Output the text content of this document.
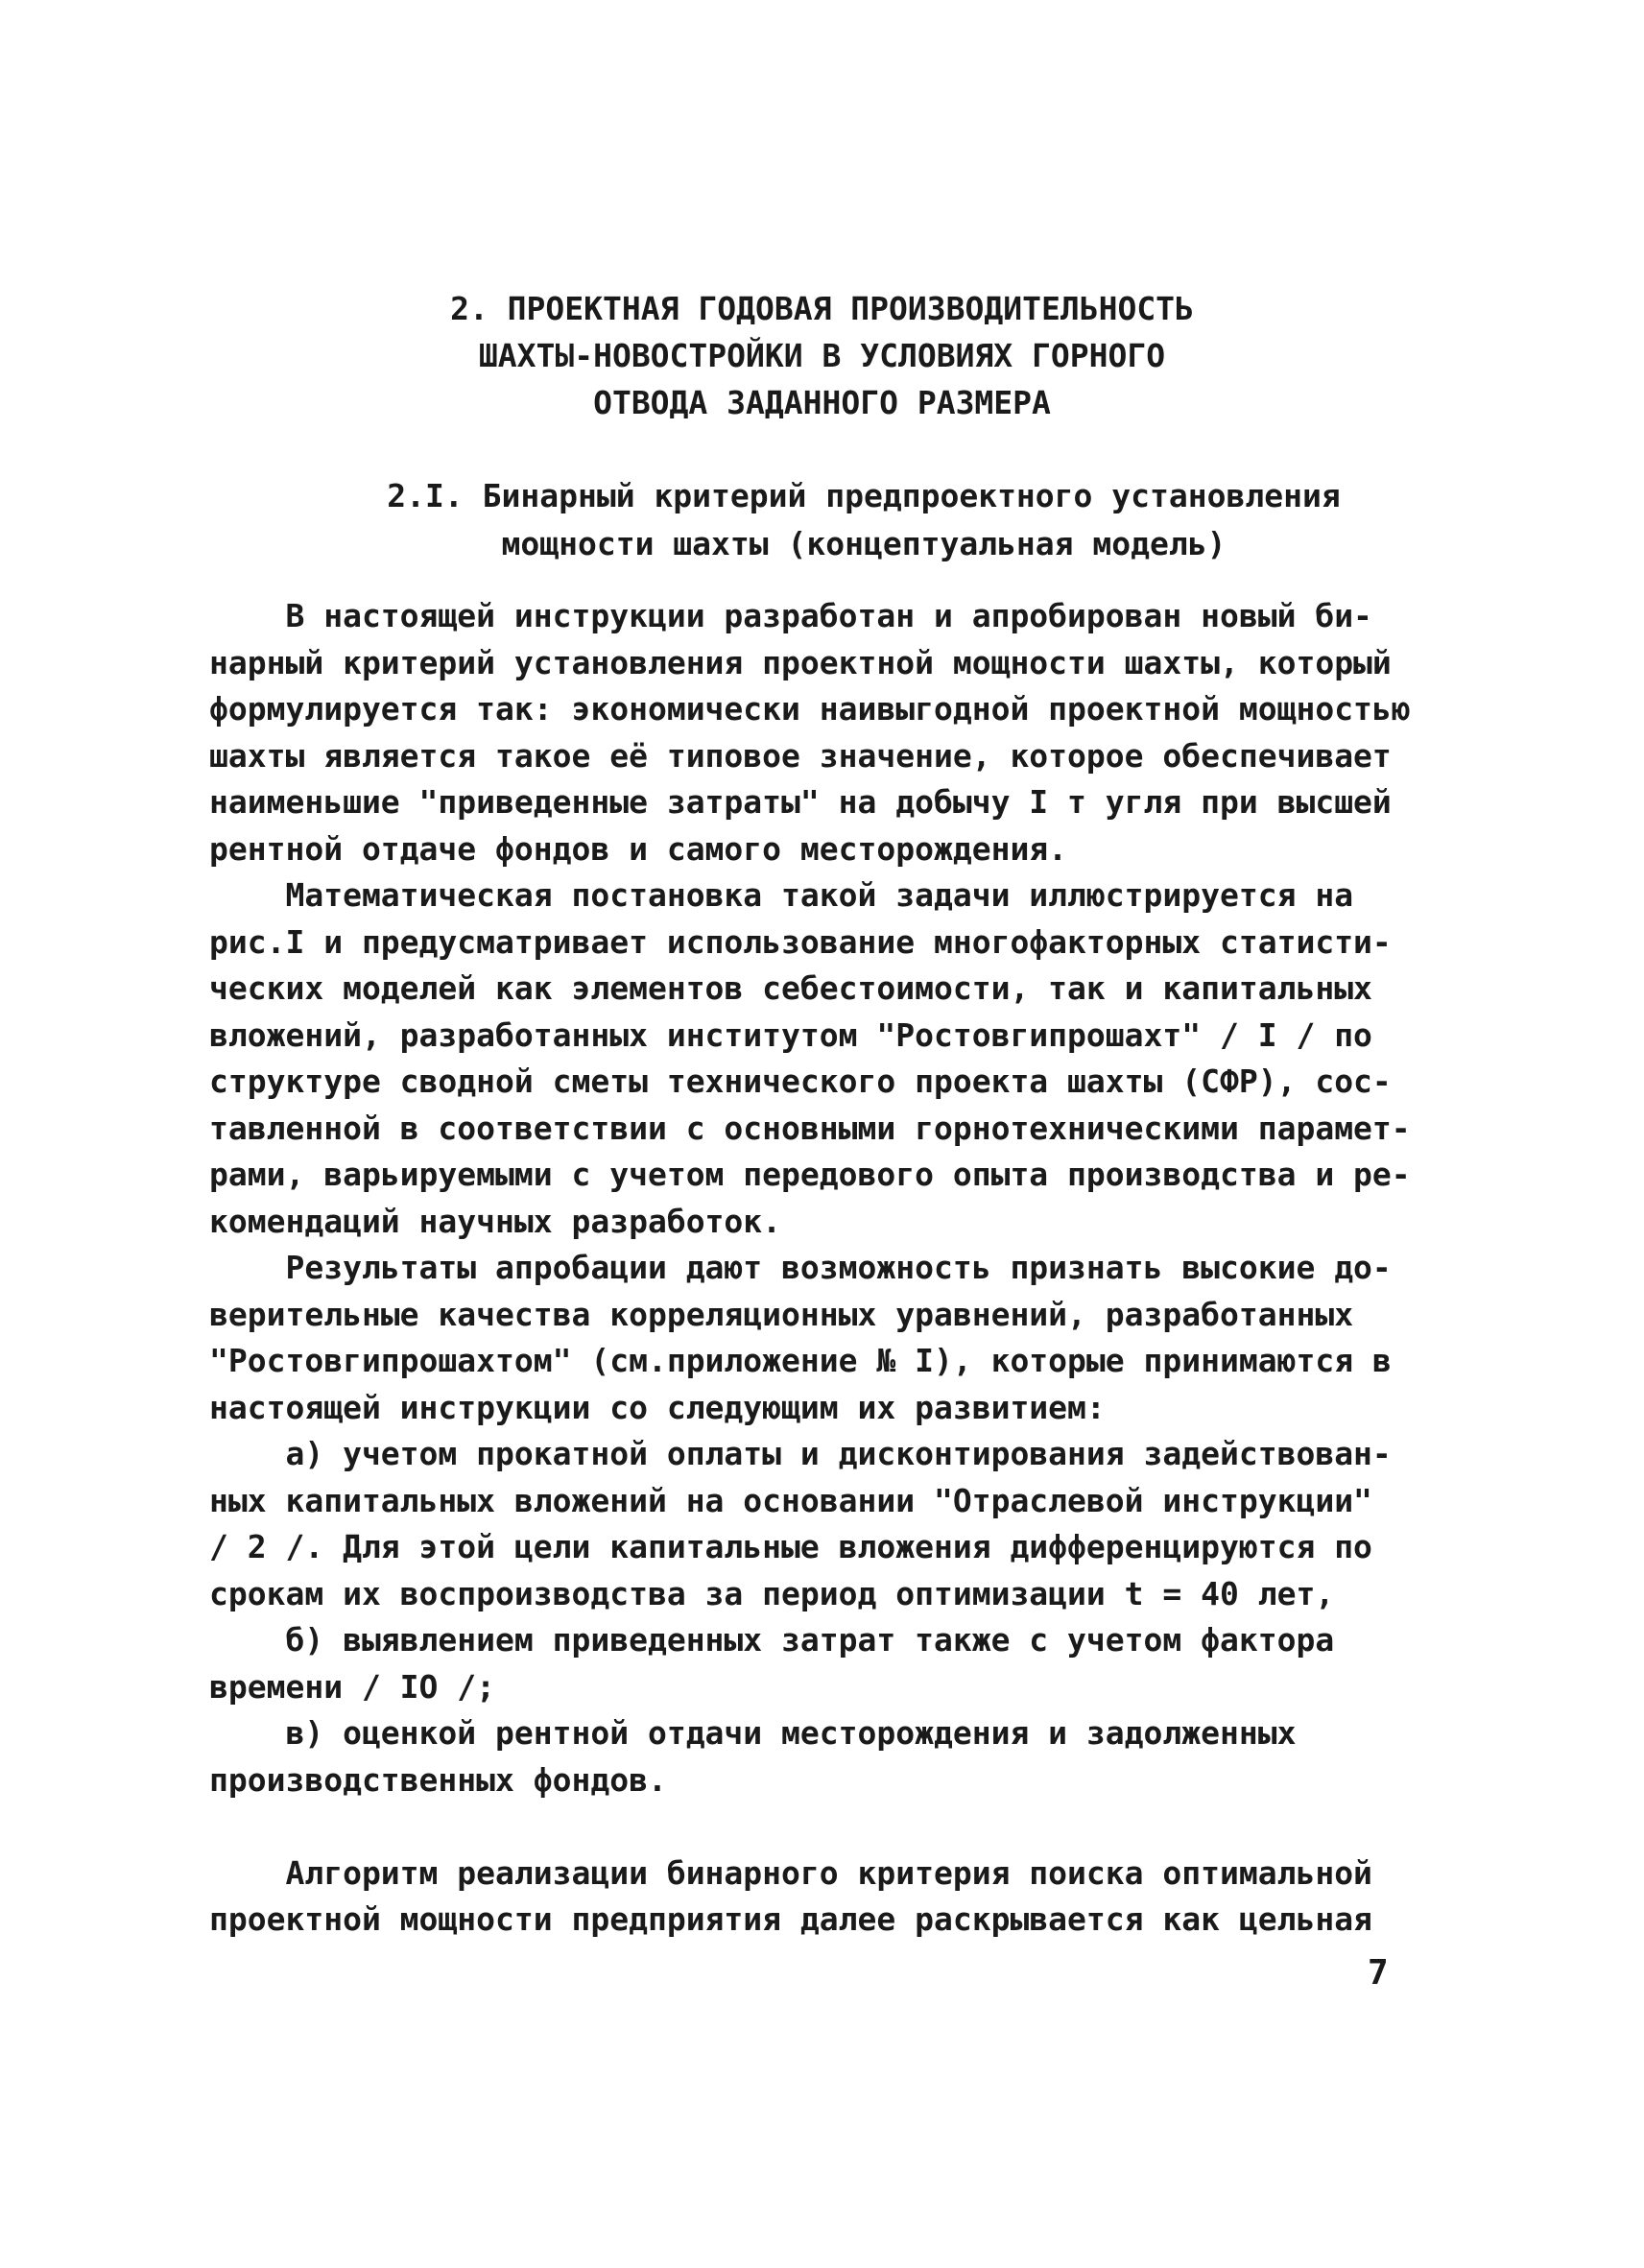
2. ПРОЕКТНАЯ ГОДОВАЯ ПРОИЗВОДИТЕЛЬНОСТЬ
ШАХТЫ-НОВОСТРОЙКИ В УСЛОВИЯХ ГОРНОГО
ОТВОДА ЗАДАННОГО РАЗМЕРА
2.I. Бинарный критерий предпроектного установления
мощности шахты (концептуальная модель)
В настоящей инструкции разработан и апробирован новый би-
нарный критерий установления проектной мощности шахты, который
формулируется так: экономически наивыгодной проектной мощностью
шахты является такое её типовое значение, которое обеспечивает
наименьшие "приведенные затраты" на добычу I т угля при высшей
рентной отдаче фондов и самого месторождения.
Математическая постановка такой задачи иллюстрируется на
рис.I и предусматривает использование многофакторных статисти-
ческих моделей как элементов себестоимости, так и капитальных
вложений, разработанных институтом "Ростовгипрошахт" / I / по
структуре сводной сметы технического проекта шахты (СФР), сос-
тавленной в соответствии с основными горнотехническими парамет-
рами, варьируемыми с учетом передового опыта производства и ре-
комендаций научных разработок.
Результаты апробации дают возможность признать высокие до-
верительные качества корреляционных уравнений, разработанных
"Ростовгипрошахтом" (см.приложение № I), которые принимаются в
настоящей инструкции со следующим их развитием:
а) учетом прокатной оплаты и дисконтирования задействован-
ных капитальных вложений на основании "Отраслевой инструкции"
/ 2 /. Для этой цели капитальные вложения дифференцируются по
срокам их воспроизводства за период оптимизации t = 40 лет,
б) выявлением приведенных затрат также с учетом фактора
времени / IO /;
в) оценкой рентной отдачи месторождения и задолженных
производственных фондов.
Алгоритм реализации бинарного критерия поиска оптимальной
проектной мощности предприятия далее раскрывается как цельная
7
